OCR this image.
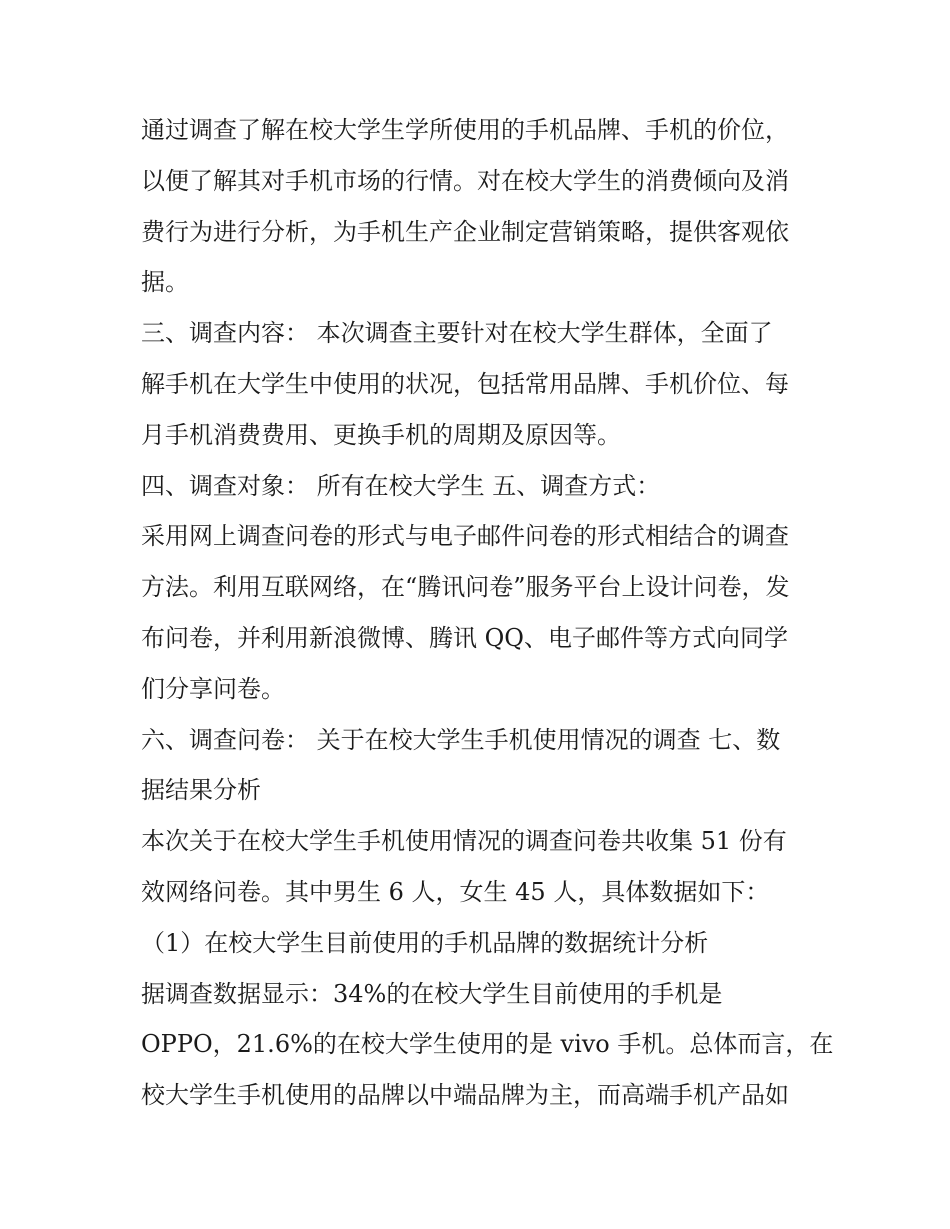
通过调查了解在校大学生学所使用的手机品牌、手机的价位，
以便了解其对手机市场的行情。对在校大学生的消费倾向及消
费行为进行分析，为手机生产企业制定营销策略，提供客观依
据。
三、调查内容： 本次调查主要针对在校大学生群体，全面了
解手机在大学生中使用的状况，包括常用品牌、手机价位、每
月手机消费费用、更换手机的周期及原因等。
四、调查对象： 所有在校大学生 五、调查方式：
采用网上调查问卷的形式与电子邮件问卷的形式相结合的调查
方法。利用互联网络，在“腾讯问卷”服务平台上设计问卷，发
布问卷，并利用新浪微博、腾讯 QQ、电子邮件等方式向同学
们分享问卷。
六、调查问卷： 关于在校大学生手机使用情况的调查 七、数
据结果分析
本次关于在校大学生手机使用情况的调查问卷共收集 51 份有
效网络问卷。其中男生 6 人，女生 45 人，具体数据如下：
（1）在校大学生目前使用的手机品牌的数据统计分析
据调查数据显示：34%的在校大学生目前使用的手机是
OPPO，21.6%的在校大学生使用的是 vivo 手机。总体而言，在
校大学生手机使用的品牌以中端品牌为主，而高端手机产品如
